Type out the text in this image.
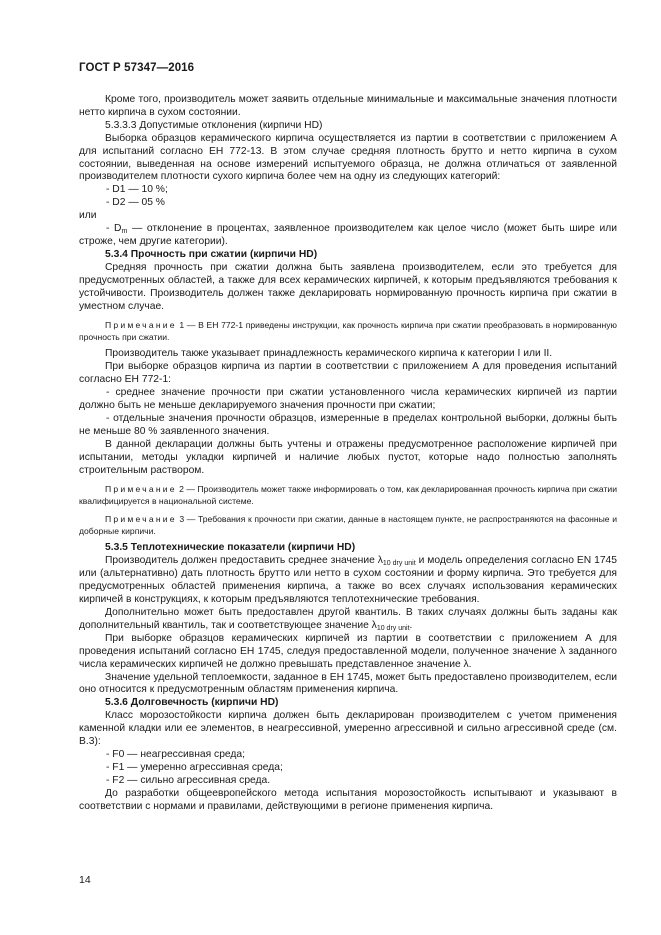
ГОСТ Р 57347—2016

Кроме того, производитель может заявить отдельные минимальные и максимальные значения плотности нетто кирпича в сухом состоянии.

5.3.3.3 Допустимые отклонения (кирпичи HD)

Выборка образцов керамического кирпича осуществляется из партии в соответствии с приложением А для испытаний согласно ЕН 772-13. В этом случае средняя плотность брутто и нетто кирпича в сухом состоянии, выведенная на основе измерений испытуемого образца, не должна отличаться от заявленной производителем плотности сухого кирпича более чем на одну из следующих категорий:

- D1 — 10 %;

- D2 — 05 %

или

- $D_m$ — отклонение в процентах, заявленное производителем как целое число (может быть шире или строже, чем другие категории).

5.3.4 Прочность при сжатии (кирпичи HD)

Средняя прочность при сжатии должна быть заявлена производителем, если это требуется для предусмотренных областей, а также для всех керамических кирпичей, к которым предъявляются требования к устойчивости. Производитель должен также декларировать нормированную прочность кирпича при сжатии в уместном случае.

Примечание 1 — В ЕН 772-1 приведены инструкции, как прочность кирпича при сжатии преобразовать в нормированную прочность при сжатии.

Производитель также указывает принадлежность керамического кирпича к категории I или II.

При выборке образцов кирпича из партии в соответствии с приложением А для проведения испытаний согласно ЕН 772-1:

- среднее значение прочности при сжатии установленного числа керамических кирпичей из партии должно быть не меньше декларируемого значения прочности при сжатии;

- отдельные значения прочности образцов, измеренные в пределах контрольной выборки, должны быть не меньше 80 % заявленного значения.

В данной декларации должны быть учтены и отражены предусмотренное расположение кирпичей при испытании, методы укладки кирпичей и наличие любых пустот, которые надо полностью заполнять строительным раствором.

Примечание 2 — Производитель может также информировать о том, как декларированная прочность кирпича при сжатии квалифицируется в национальной системе.

Примечание 3 — Требования к прочности при сжатии, данные в настоящем пункте, не распространяются на фасонные и доборные кирпичи.

5.3.5 Теплотехнические показатели (кирпичи HD)

Производитель должен предоставить среднее значение $\lambda_{10 dry unit}$ и модель определения согласно EN 1745 или (альтернативно) дать плотность брутто или нетто в сухом состоянии и форму кирпича. Это требуется для предусмотренных областей применения кирпича, а также во всех случаях использования керамических кирпичей в конструкциях, к которым предъявляются теплотехнические требования.

Дополнительно может быть предоставлен другой квантиль. В таких случаях должны быть заданы как дополнительный квантиль, так и соответствующее значение $\lambda_{10 dry unit}$.

При выборке образцов керамических кирпичей из партии в соответствии с приложением А для проведения испытаний согласно ЕН 1745, следуя предоставленной модели, полученное значение λ заданного числа керамических кирпичей не должно превышать представленное значение λ.

Значение удельной теплоемкости, заданное в ЕН 1745, может быть предоставлено производителем, если оно относится к предусмотренным областям применения кирпича.

5.3.6 Долговечность (кирпичи HD)

Класс морозостойкости кирпича должен быть декларирован производителем с учетом применения каменной кладки или ее элементов, в неагрессивной, умеренно агрессивной и сильно агрессивной среде (см. В.3):

- F0 — неагрессивная среда;

- F1 — умеренно агрессивная среда;

- F2 — сильно агрессивная среда.

До разработки общеевропейского метода испытания морозостойкость испытывают и указывают в соответствии с нормами и правилами, действующими в регионе применения кирпича.

14
